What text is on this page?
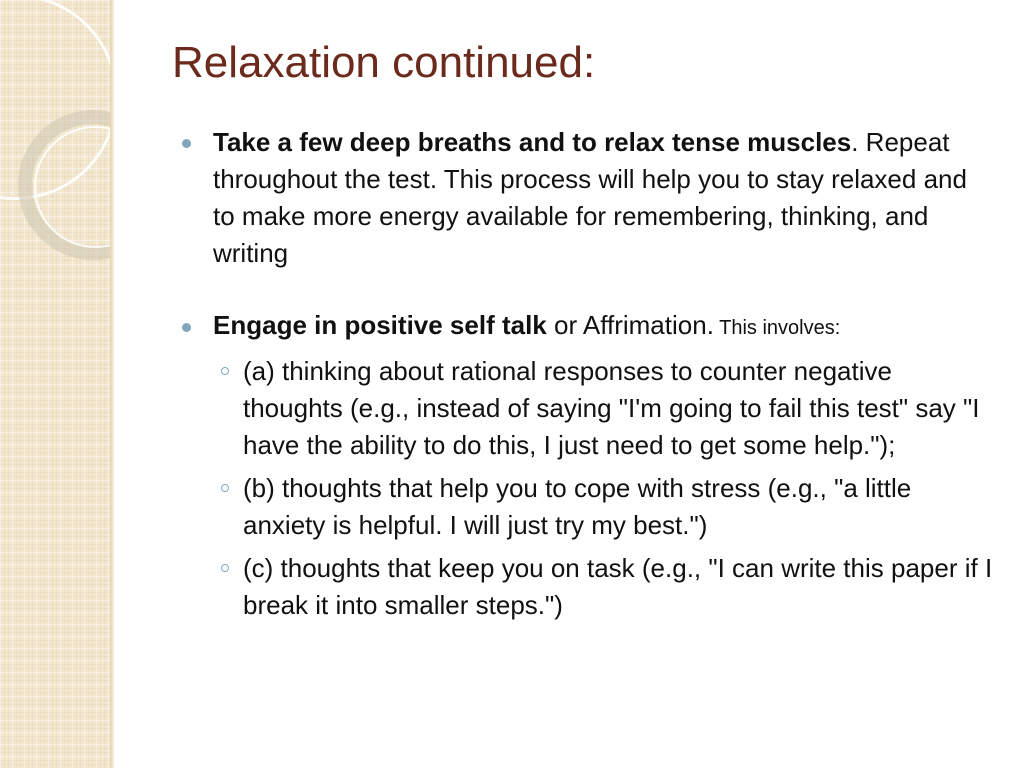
Relaxation continued:
Take a few deep breaths and to relax tense muscles. Repeat throughout the test. This process will help you to stay relaxed and to make more energy available for remembering, thinking, and writing
Engage in positive self talk or Affrimation. This involves:
(a) thinking about rational responses to counter negative thoughts (e.g., instead of saying "I'm going to fail this test" say "I have the ability to do this, I just need to get some help.");
(b) thoughts that help you to cope with stress (e.g., "a little anxiety is helpful. I will just try my best.")
(c) thoughts that keep you on task (e.g., "I can write this paper if I break it into smaller steps.")
